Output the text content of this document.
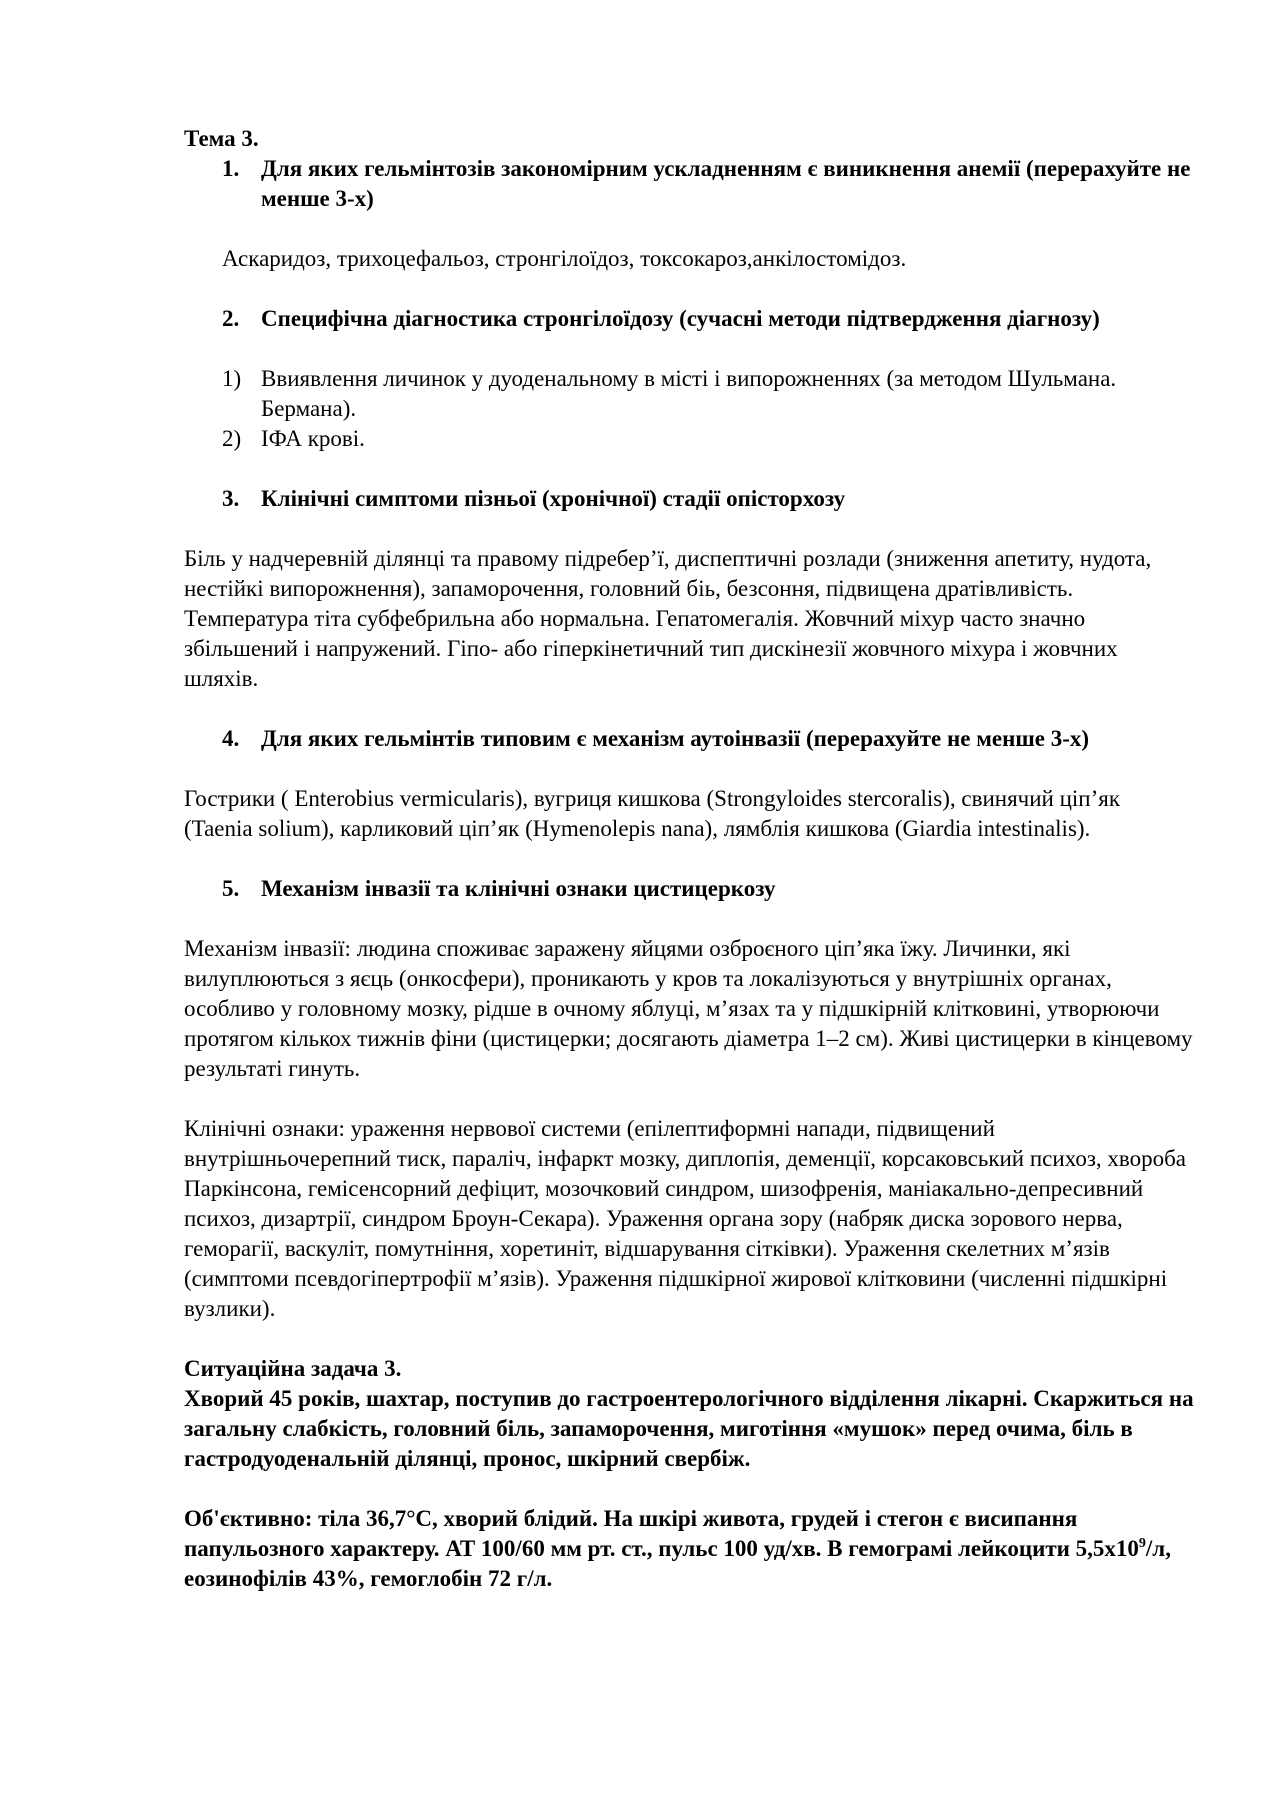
Тема 3.

1. Для яких гельмінтозів закономірним ускладненням є виникнення анемії (перерахуйте не менше 3-х)

Аскаридоз, трихоцефальоз, стронгілоїдоз, токсокароз,анкілостомідоз.

2. Специфічна діагностика стронгілоїдозу (сучасні методи підтвердження діагнозу)
1) Ввиявлення личинок у дуоденальному в місті і випорожненнях (за методом Шульмана. Бермана).
2) ІФА крові.
3. Клінічні симптоми пізньої (хронічної) стадії опісторхозу

Біль у надчеревній ділянці та правому підребер’ї, диспептичні розлади (зниження апетиту, нудота, нестійкі випорожнення), запаморочення, головний біь, безсоння, підвищена дратівливість. Температура тіта субфебрильна або нормальна. Гепатомегалія. Жовчний міхур часто значно збільшений і напружений. Гіпо- або гіперкінетичний тип дискінезії жовчного міхура і жовчних шляхів.

4. Для яких гельмінтів типовим є механізм аутоінвазії (перерахуйте не менше 3-х)

Гострики ( Enterobius vermicularis), вугриця кишкова (Strongyloides stercoralis), свинячий ціп’як (Taenia solium), карликовий ціп’як (Hymenolepis nana), лямблія кишкова (Giardia intestinalis).

5. Механізм інвазії та клінічні ознаки цистицеркозу

Механізм інвазії: людина споживає заражену яйцями озброєного ціп’яка їжу. Личинки, які вилуплюються з яєць (онкосфери), проникають у кров та локалізуються у внутрішніх органах, особливо у головному мозку, рідше в очному яблуці, м’язах та у підшкірній клітковині, утворюючи протягом кількох тижнів фіни (цистицерки; досягають діаметра 1–2 см). Живі цистицерки в кінцевому результаті гинуть.

Клінічні ознаки: ураження нервової системи (епілептиформні напади, підвищений внутрішньочерепний тиск, параліч, інфаркт мозку, диплопія, деменції, корсаковський психоз, хвороба Паркінсона, гемісенсорний дефіцит, мозочковий синдром, шизофренія, маніакально-депресивний психоз, дизартрії, синдром Броун-Секара). Ураження органа зору (набряк диска зорового нерва, геморагії, васкуліт, помутніння, хоретиніт, відшарування сітківки). Ураження скелетних м’язів (симптоми псевдогіпертрофії м’язів). Ураження підшкірної жирової клітковини (численні підшкірні вузлики).

Ситуаційна задача 3.

Хворий 45 років, шахтар, поступив до гастроентерологічного відділення лікарні. Скаржиться на загальну слабкість, головний біль, запаморочення, миготіння «мушок» перед очима, біль в гастродуоденальній ділянці, пронос, шкірний свербіж.

Об'єктивно: тіла 36,7°С, хворий блідий. На шкірі живота, грудей і стегон є висипання папульозного характеру. АТ 100/60 мм рт. ст., пульс 100 уд/хв. В гемограмі лейкоцити $5,5х10^9/л$, еозинофілів 43%, гемоглобін 72 г/л.
